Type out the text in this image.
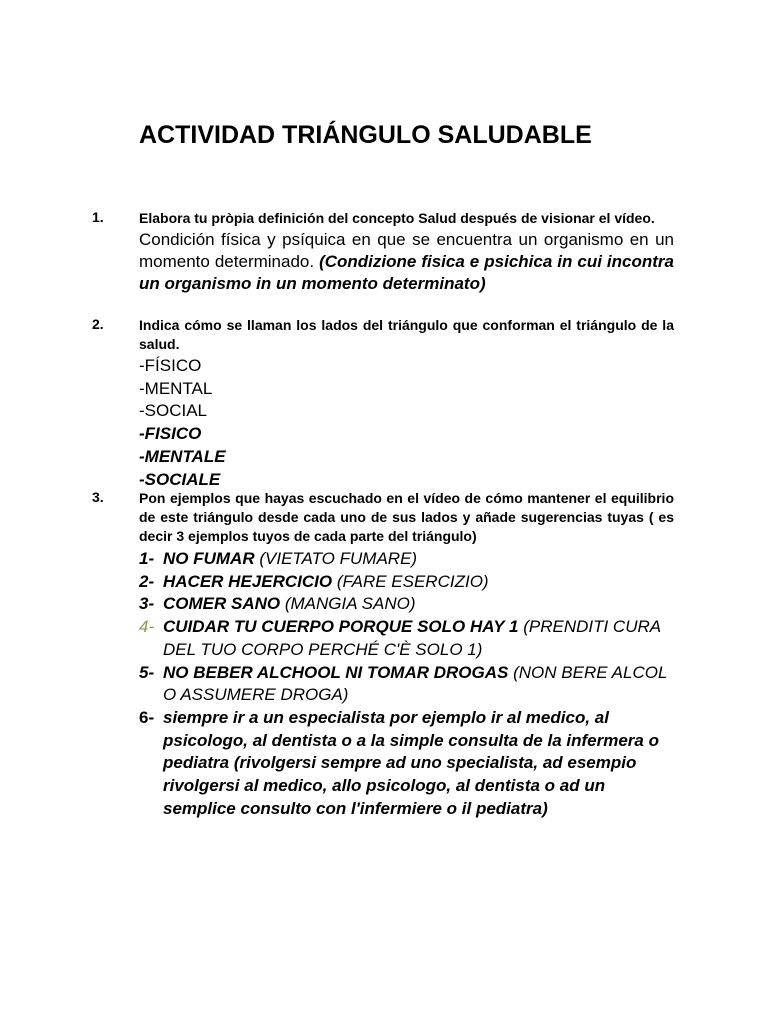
ACTIVIDAD TRIÁNGULO SALUDABLE
1.	Elabora tu pròpia definición del concepto Salud después de visionar el vídeo.

Condición física y psíquica en que se encuentra un organismo en un momento determinado. (Condizione fisica e psichica in cui incontra un organismo in un momento determinato)

2.	Indica cómo se llaman los lados del triángulo que conforman el triángulo de la salud.

-FÍSICO

-MENTAL

-SOCIAL

-FISICO

-MENTALE

-SOCIALE

3.	Pon ejemplos que hayas escuchado en el vídeo de cómo mantener el equilibrio de este triángulo desde cada uno de sus lados y añade sugerencias tuyas ( es decir 3 ejemplos tuyos de cada parte del triángulo)

1- NO FUMAR (VIETATO FUMARE)
2- HACER HEJERCICIO (FARE ESERCIZIO)
3- COMER SANO (MANGIA SANO)
4- CUIDAR TU CUERPO PORQUE SOLO HAY 1 (PRENDITI CURA DEL TUO CORPO PERCHÉ C'È SOLO 1)
5- NO BEBER ALCHOOL NI TOMAR DROGAS (NON BERE ALCOL O ASSUMERE DROGA)
6- siempre ir a un especialista por ejemplo ir al medico, al psicologo, al dentista o a la simple consulta de la infermera o pediatra (rivolgersi sempre ad uno specialista, ad esempio rivolgersi al medico, allo psicologo, al dentista o ad un semplice consulto con l'infermiere o il pediatra)
